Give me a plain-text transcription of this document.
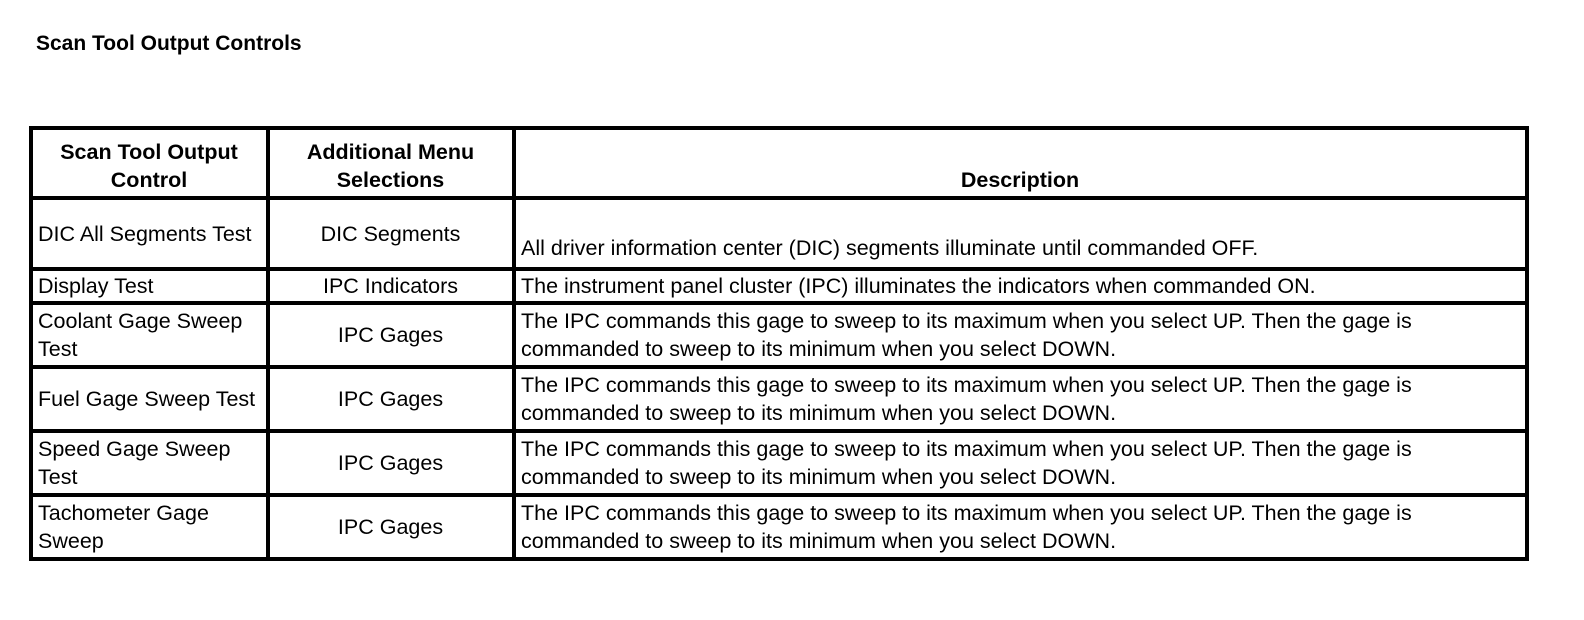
Scan Tool Output Controls
Scan Tool Output Control	Additional Menu Selections	Description
DIC All Segments Test	DIC Segments	All driver information center (DIC) segments illuminate until commanded OFF.
Display Test	IPC Indicators	The instrument panel cluster (IPC) illuminates the indicators when commanded ON.
Coolant Gage Sweep Test	IPC Gages	The IPC commands this gage to sweep to its maximum when you select UP. Then the gage is commanded to sweep to its minimum when you select DOWN.
Fuel Gage Sweep Test	IPC Gages	The IPC commands this gage to sweep to its maximum when you select UP. Then the gage is commanded to sweep to its minimum when you select DOWN.
Speed Gage Sweep Test	IPC Gages	The IPC commands this gage to sweep to its maximum when you select UP. Then the gage is commanded to sweep to its minimum when you select DOWN.
Tachometer Gage Sweep	IPC Gages	The IPC commands this gage to sweep to its maximum when you select UP. Then the gage is commanded to sweep to its minimum when you select DOWN.
